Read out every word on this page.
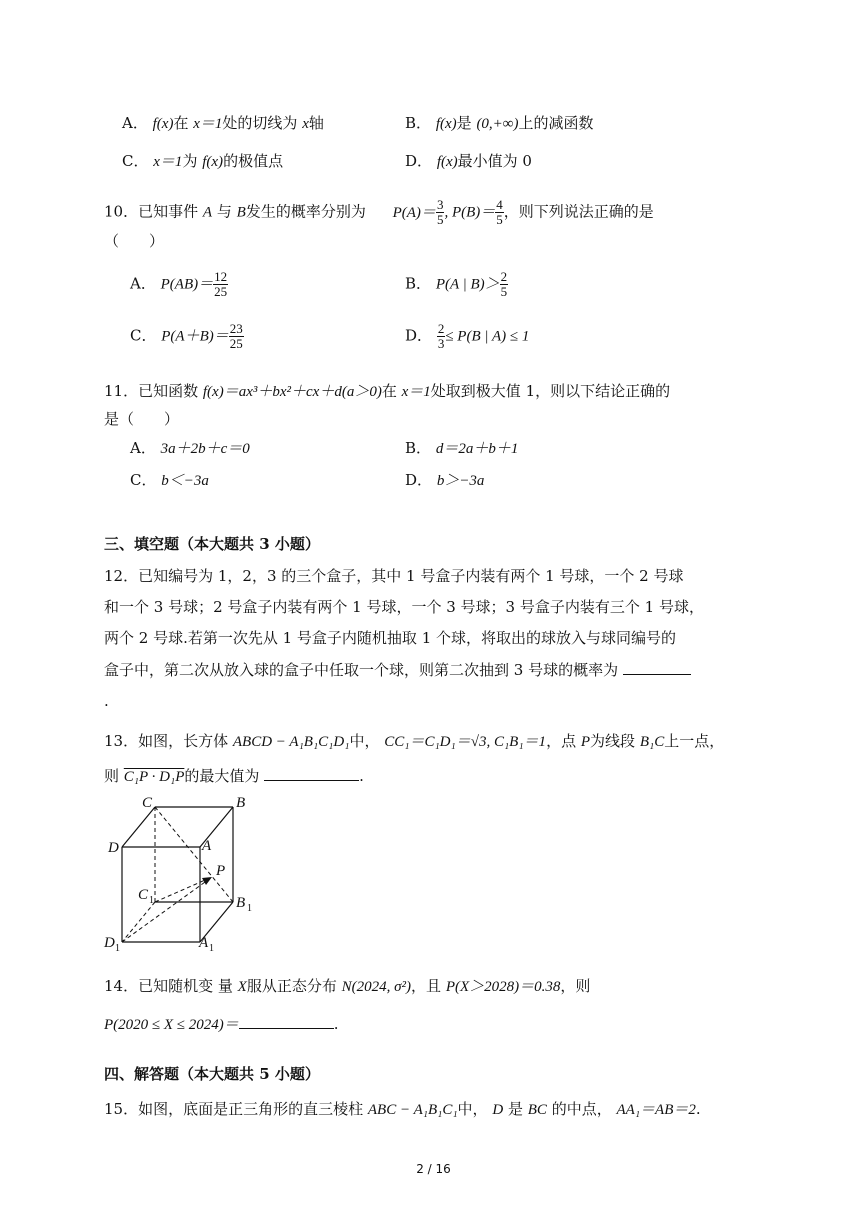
A． f(x)在 x＝1处的切线为 x轴	B． f(x)是 (0,+∞)上的减函数
C． x＝1为 f(x)的极值点	D． f(x)最小值为 0
10．已知事件 A 与 B发生的概率分别为 $P(A)= \frac{3}{5}$ , $P(B)= \frac{4}{5}$ ，则下列说法正确的是
（　　）
A． $P(AB)= \frac{12}{25}$	B． P(A | $B)> \frac{2}{5}$
C． $P(A+B)= \frac{23}{25}$	D． $\frac{2}{3} \le P(B$ | A) ≤ 1
11．已知函数 f(x)＝ax³＋bx²＋cx＋d(a＞0)在 x＝1处取到极大值 1，则以下结论正确的
是（　　）
A． 3a＋2b＋c＝0	B． d＝2a＋b＋1
C． b＜−3a	D． b＞−3a
三、填空题（本大题共 3 小题）
12．已知编号为 1，2，3 的三个盒子，其中 1 号盒子内装有两个 1 号球，一个 2 号球
和一个 3 号球；2 号盒子内装有两个 1 号球，一个 3 号球；3 号盒子内装有三个 1 号球，
两个 2 号球.若第一次先从 1 号盒子内随机抽取 1 个球，将取出的球放入与球同编号的
盒子中，第二次从放入球的盒子中任取一个球，则第二次抽到 3 号球的概率为
.
13．如图，长方体 ABCD − A₁B₁C₁D₁中， CC₁＝C₁D₁＝√3, C₁B₁＝1，点 P为线段 B₁C上一点，
则 C₁P · D₁P的最大值为	.
C	B
D	A
P
C	B
D	A
1
1
1	1
14．已知随机变 量 X服从正态分布 N(2024, σ²)，且 P(X＞2028)＝0.38，则
P(2020 ≤ X ≤ 2024)＝	.
四、解答题（本大题共 5 小题）
15．如图，底面是正三角形的直三棱柱 ABC − A₁B₁C₁中， D 是 BC 的中点， AA₁＝AB＝2.
2 / 16
